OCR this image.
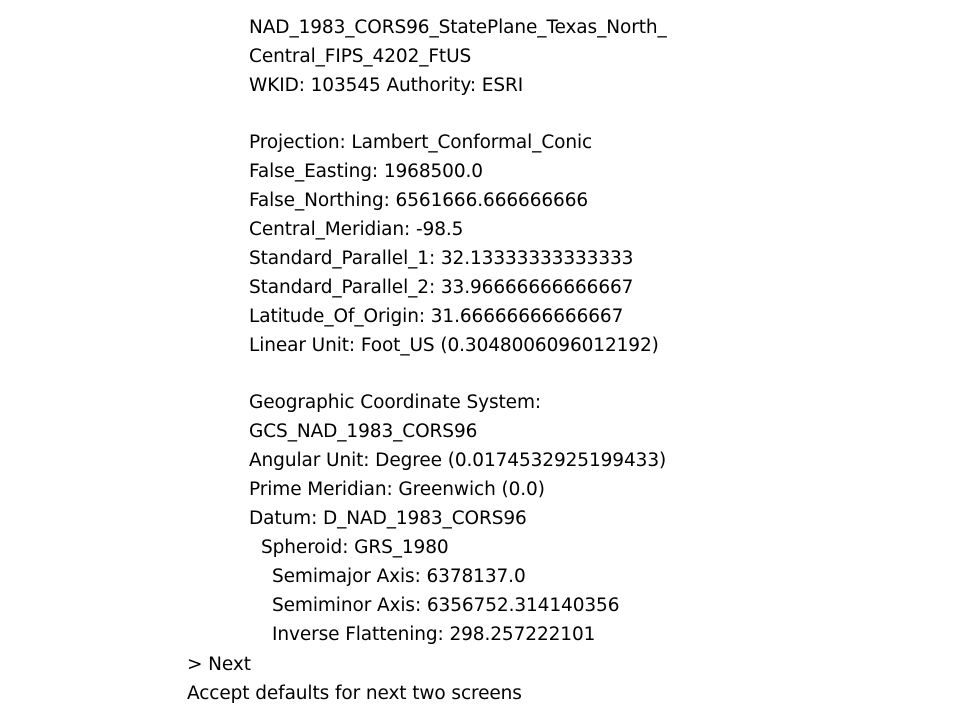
NAD_1983_CORS96_StatePlane_Texas_North_
Central_FIPS_4202_FtUS
WKID: 103545 Authority: ESRI
Projection: Lambert_Conformal_Conic
False_Easting: 1968500.0
False_Northing: 6561666.666666666
Central_Meridian: -98.5
Standard_Parallel_1: 32.13333333333333
Standard_Parallel_2: 33.96666666666667
Latitude_Of_Origin: 31.66666666666667
Linear Unit: Foot_US (0.3048006096012192)
Geographic Coordinate System:
GCS_NAD_1983_CORS96
Angular Unit: Degree (0.0174532925199433)
Prime Meridian: Greenwich (0.0)
Datum: D_NAD_1983_CORS96
Spheroid: GRS_1980
Semimajor Axis: 6378137.0
Semiminor Axis: 6356752.314140356
Inverse Flattening: 298.257222101
> Next
Accept defaults for next two screens
